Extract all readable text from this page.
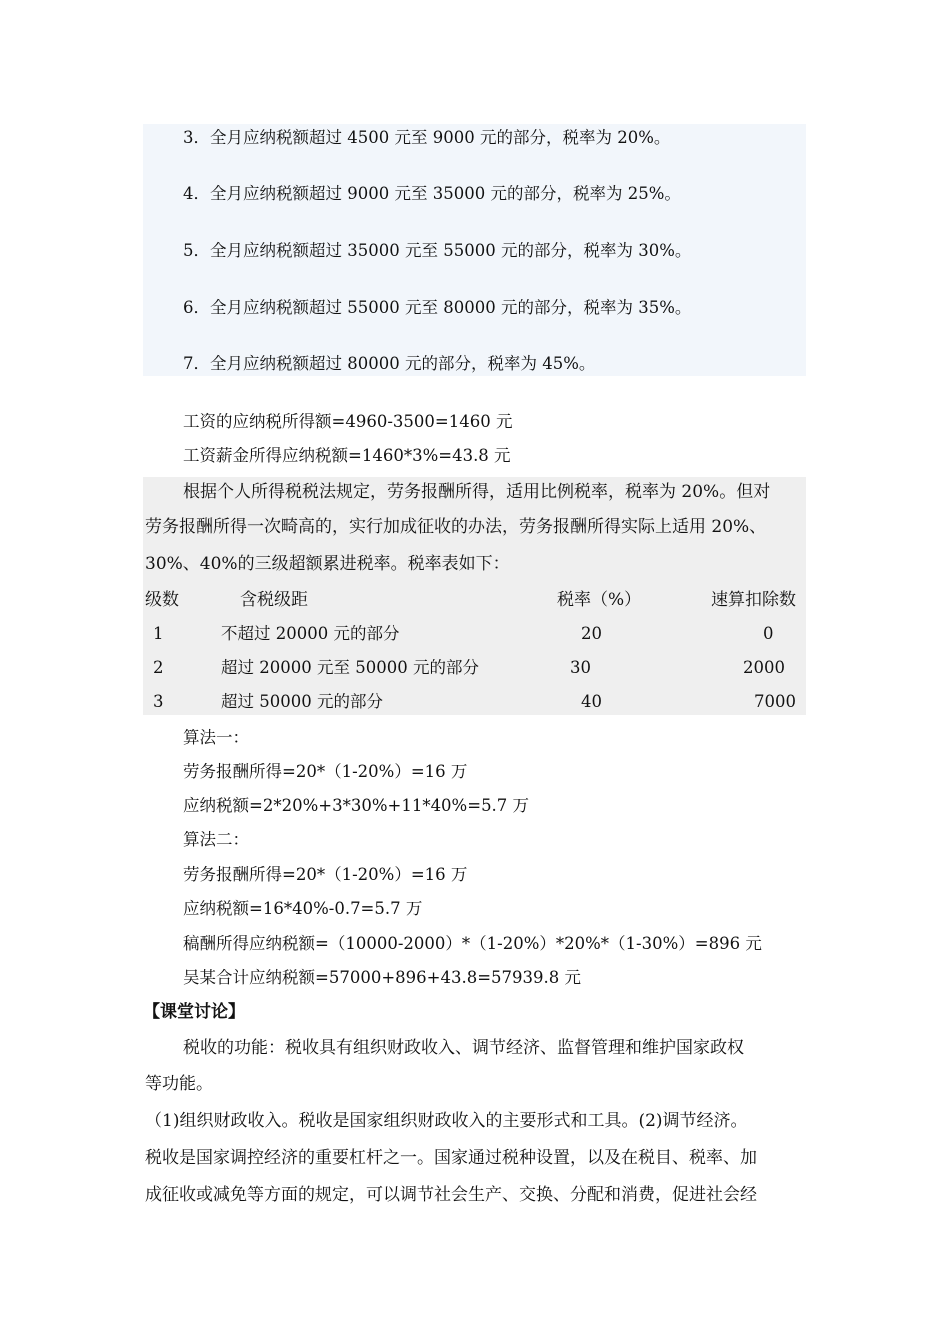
3．全月应纳税额超过 4500 元至 9000 元的部分，税率为 20%。
4．全月应纳税额超过 9000 元至 35000 元的部分，税率为 25%。
5．全月应纳税额超过 35000 元至 55000 元的部分，税率为 30%。
6．全月应纳税额超过 55000 元至 80000 元的部分，税率为 35%。
7．全月应纳税额超过 80000 元的部分，税率为 45%。
工资的应纳税所得额=4960-3500=1460 元
工资薪金所得应纳税额=1460*3%=43.8 元
根据个人所得税税法规定，劳务报酬所得，适用比例税率，税率为 20%。但对
劳务报酬所得一次畸高的，实行加成征收的办法，劳务报酬所得实际上适用 20%、
30%、40%的三级超额累进税率。税率表如下：
级数	含税级距	税率（%）	速算扣除数
1	不超过 20000 元的部分	20	0
2	超过 20000 元至 50000 元的部分	30	2000
3	超过 50000 元的部分	40	7000
算法一：
劳务报酬所得=20*（1-20%）=16 万
应纳税额=2*20%+3*30%+11*40%=5.7 万
算法二：
劳务报酬所得=20*（1-20%）=16 万
应纳税额=16*40%-0.7=5.7 万
稿酬所得应纳税额=（10000-2000）*（1-20%）*20%*（1-30%）=896 元
吴某合计应纳税额=57000+896+43.8=57939.8 元
【课堂讨论】
税收的功能：税收具有组织财政收入、调节经济、监督管理和维护国家政权
等功能。
（1)组织财政收入。税收是国家组织财政收入的主要形式和工具。(2)调节经济。
税收是国家调控经济的重要杠杆之一。国家通过税种设置，以及在税目、税率、加
成征收或减免等方面的规定，可以调节社会生产、交换、分配和消费，促进社会经
